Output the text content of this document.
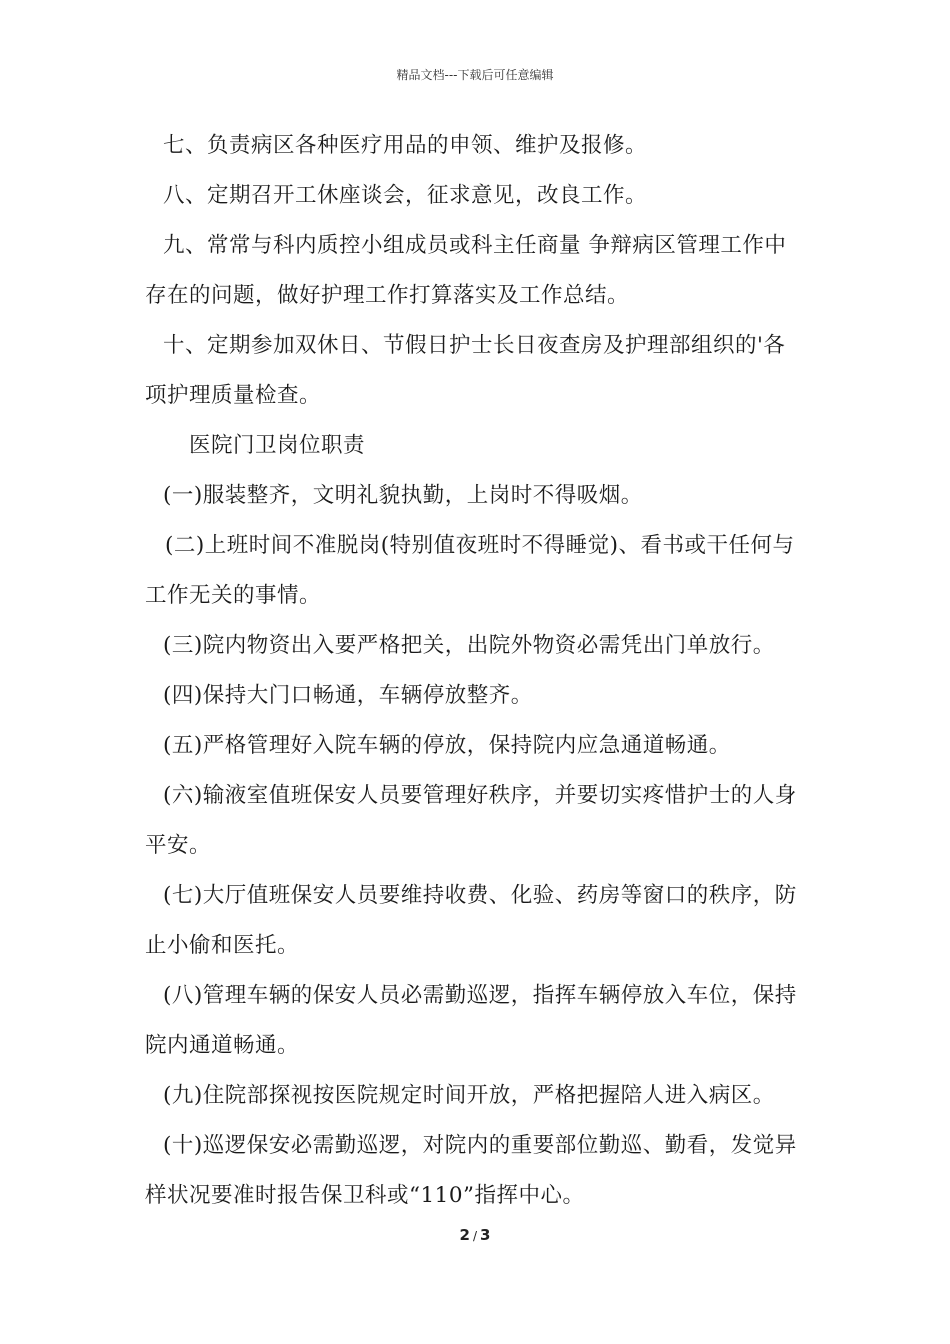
精品文档---下载后可任意编辑
七、负责病区各种医疗用品的申领、维护及报修。
八、定期召开工休座谈会，征求意见，改良工作。
九、常常与科内质控小组成员或科主任商量 争辩病区管理工作中
存在的问题，做好护理工作打算落实及工作总结。
十、定期参加双休日、节假日护士长日夜查房及护理部组织的'各
项护理质量检查。
医院门卫岗位职责
(一)服装整齐，文明礼貌执勤，上岗时不得吸烟。
(二)上班时间不准脱岗(特别值夜班时不得睡觉)、看书或干任何与
工作无关的事情。
(三)院内物资出入要严格把关，出院外物资必需凭出门单放行。
(四)保持大门口畅通，车辆停放整齐。
(五)严格管理好入院车辆的停放，保持院内应急通道畅通。
(六)输液室值班保安人员要管理好秩序，并要切实疼惜护士的人身
平安。
(七)大厅值班保安人员要维持收费、化验、药房等窗口的秩序，防
止小偷和医托。
(八)管理车辆的保安人员必需勤巡逻，指挥车辆停放入车位，保持
院内通道畅通。
(九)住院部探视按医院规定时间开放，严格把握陪人进入病区。
(十)巡逻保安必需勤巡逻，对院内的重要部位勤巡、勤看，发觉异
样状况要准时报告保卫科或“110”指挥中心。
2 / 3
